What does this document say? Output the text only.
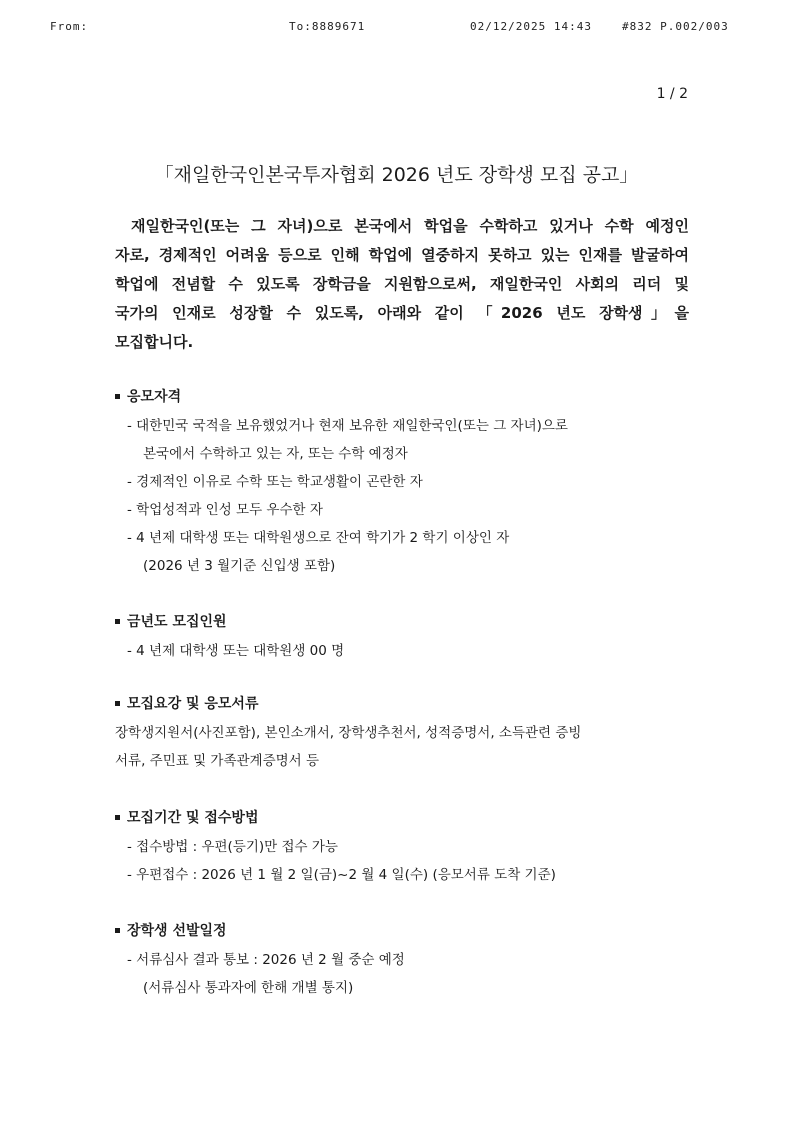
From:	To:8889671	02/12/2025 14:43	#832 P.002/003
1 / 2
「재일한국인본국투자협회 2026 년도 장학생 모집 공고」
재일한국인(또는 그 자녀)으로 본국에서 학업을 수학하고 있거나 수학 예정인
자로, 경제적인 어려움 등으로 인해 학업에 열중하지 못하고 있는 인재를 발굴하여
학업에 전념할 수 있도록 장학금을 지원함으로써, 재일한국인 사회의 리더 및
국가의 인재로 성장할 수 있도록, 아래와 같이 「2026 년도 장학생」을
모집합니다.
응모자격
- 대한민국 국적을 보유했었거나 현재 보유한 재일한국인(또는 그 자녀)으로
본국에서 수학하고 있는 자, 또는 수학 예정자
- 경제적인 이유로 수학 또는 학교생활이 곤란한 자
- 학업성적과 인성 모두 우수한 자
- 4 년제 대학생 또는 대학원생으로 잔여 학기가 2 학기 이상인 자
(2026 년 3 월기준 신입생 포함)
금년도 모집인원
- 4 년제 대학생 또는 대학원생 00 명
모집요강 및 응모서류
장학생지원서(사진포함), 본인소개서, 장학생추천서, 성적증명서, 소득관련 증빙
서류, 주민표 및 가족관계증명서 등
모집기간 및 접수방법
- 접수방법 : 우편(등기)만 접수 가능
- 우편접수 : 2026 년 1 월 2 일(금)~2 월 4 일(수) (응모서류 도착 기준)
장학생 선발일정
- 서류심사 결과 통보 : 2026 년 2 월 중순 예정
(서류심사 통과자에 한해 개별 통지)
